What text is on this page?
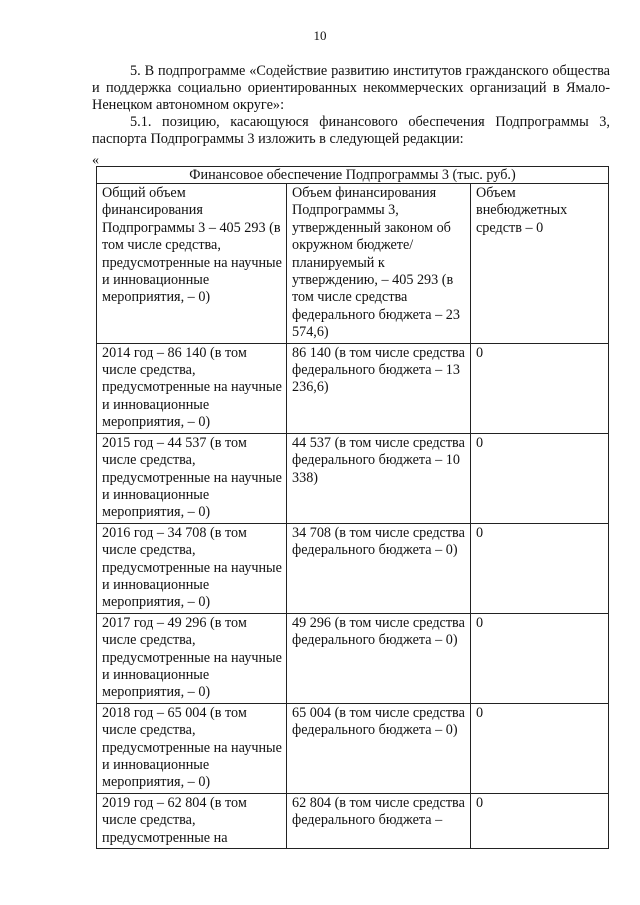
10
5. В подпрограмме «Содействие развитию институтов гражданского общества и поддержка социально ориентированных некоммерческих организаций в Ямало-Ненецком автономном округе»:
5.1. позицию, касающуюся финансового обеспечения Подпрограммы 3, паспорта Подпрограммы 3 изложить в следующей редакции:
«
Финансовое обеспечение Подпрограммы 3 (тыс. руб.)		
Общий объем финансирования Подпрограммы 3 – 405 293 (в том числе средства, предусмотренные на научные и инновационные мероприятия, – 0)	Объем финансирования Подпрограммы 3, утвержденный законом об окружном бюджете/планируемый к утверждению, – 405 293 (в том числе средства федерального бюджета – 23 574,6)	Объем внебюджетных средств – 0
2014 год – 86 140 (в том числе средства, предусмотренные на научные и инновационные мероприятия, – 0)	86 140 (в том числе средства федерального бюджета – 13 236,6)	0
2015 год – 44 537 (в том числе средства, предусмотренные на научные и инновационные мероприятия, – 0)	44 537 (в том числе средства федерального бюджета – 10 338)	0
2016 год – 34 708 (в том числе средства, предусмотренные на научные и инновационные мероприятия, – 0)	34 708 (в том числе средства федерального бюджета – 0)	0
2017 год – 49 296 (в том числе средства, предусмотренные на научные и инновационные мероприятия, – 0)	49 296 (в том числе средства федерального бюджета – 0)	0
2018 год – 65 004 (в том числе средства, предусмотренные на научные и инновационные мероприятия, – 0)	65 004 (в том числе средства федерального бюджета – 0)	0
2019 год – 62 804 (в том числе средства, предусмотренные на	62 804 (в том числе средства федерального бюджета –	0
